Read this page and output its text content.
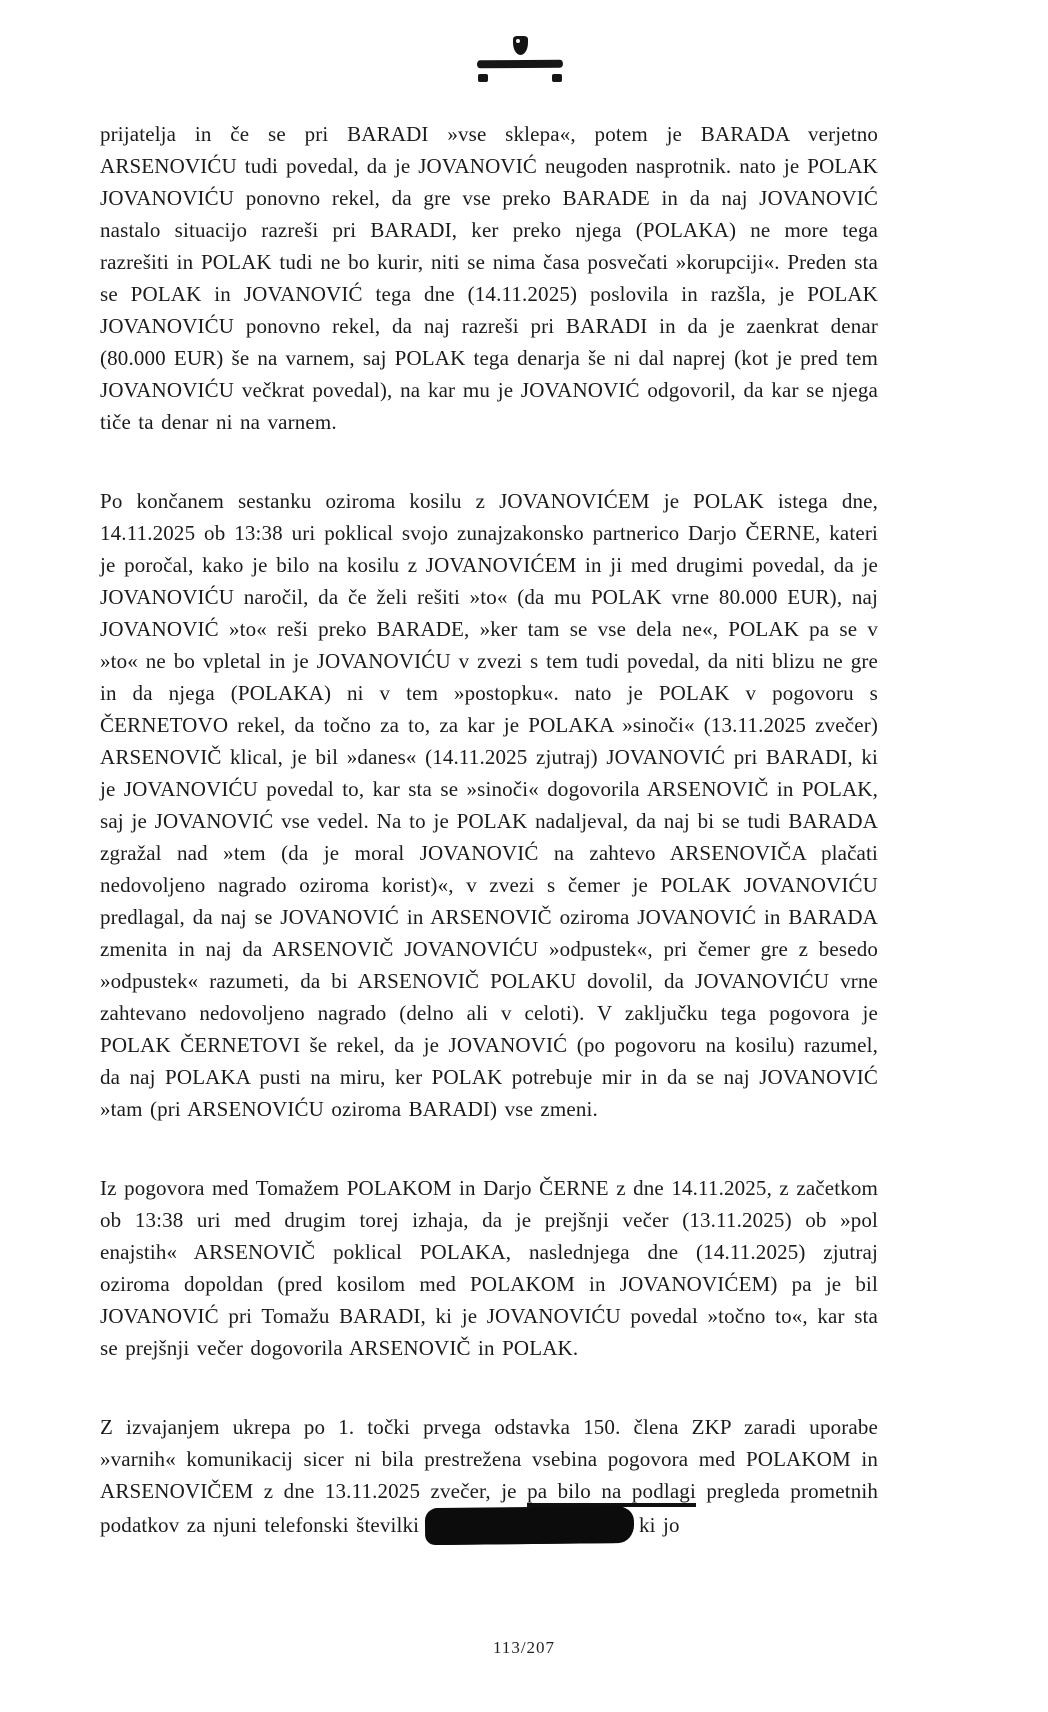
prijatelja in če se pri BARADI »vse sklepa«, potem je BARADA verjetno ARSENOVIĆU tudi povedal, da je JOVANOVIĆ neugoden nasprotnik. nato je POLAK JOVANOVIĆU ponovno rekel, da gre vse preko BARADE in da naj JOVANOVIĆ nastalo situacijo razreši pri BARADI, ker preko njega (POLAKA) ne more tega razrešiti in POLAK tudi ne bo kurir, niti se nima časa posvečati »korupciji«. Preden sta se POLAK in JOVANOVIĆ tega dne (14.11.2025) poslovila in razšla, je POLAK JOVANOVIĆU ponovno rekel, da naj razreši pri BARADI in da je zaenkrat denar (80.000 EUR) še na varnem, saj POLAK tega denarja še ni dal naprej (kot je pred tem JOVANOVIĆU večkrat povedal), na kar mu je JOVANOVIĆ odgovoril, da kar se njega tiče ta denar ni na varnem.

Po končanem sestanku oziroma kosilu z JOVANOVIĆEM je POLAK istega dne, 14.11.2025 ob 13:38 uri poklical svojo zunajzakonsko partnerico Darjo ČERNE, kateri je poročal, kako je bilo na kosilu z JOVANOVIĆEM in ji med drugimi povedal, da je JOVANOVIĆU naročil, da če želi rešiti »to« (da mu POLAK vrne 80.000 EUR), naj JOVANOVIĆ »to« reši preko BARADE, »ker tam se vse dela ne«, POLAK pa se v »to« ne bo vpletal in je JOVANOVIĆU v zvezi s tem tudi povedal, da niti blizu ne gre in da njega (POLAKA) ni v tem »postopku«. nato je POLAK v pogovoru s ČERNETOVO rekel, da točno za to, za kar je POLAKA »sinoči« (13.11.2025 zvečer) ARSENOVIČ klical, je bil »danes« (14.11.2025 zjutraj) JOVANOVIĆ pri BARADI, ki je JOVANOVIĆU povedal to, kar sta se »sinoči« dogovorila ARSENOVIČ in POLAK, saj je JOVANOVIĆ vse vedel. Na to je POLAK nadaljeval, da naj bi se tudi BARADA zgražal nad »tem (da je moral JOVANOVIĆ na zahtevo ARSENOVIČA plačati nedovoljeno nagrado oziroma korist)«, v zvezi s čemer je POLAK JOVANOVIĆU predlagal, da naj se JOVANOVIĆ in ARSENOVIČ oziroma JOVANOVIĆ in BARADA zmenita in naj da ARSENOVIČ JOVANOVIĆU »odpustek«, pri čemer gre z besedo »odpustek« razumeti, da bi ARSENOVIČ POLAKU dovolil, da JOVANOVIĆU vrne zahtevano nedovoljeno nagrado (delno ali v celoti). V zaključku tega pogovora je POLAK ČERNETOVI še rekel, da je JOVANOVIĆ (po pogovoru na kosilu) razumel, da naj POLAKA pusti na miru, ker POLAK potrebuje mir in da se naj JOVANOVIĆ »tam (pri ARSENOVIĆU oziroma BARADI) vse zmeni.

Iz pogovora med Tomažem POLAKOM in Darjo ČERNE z dne 14.11.2025, z začetkom ob 13:38 uri med drugim torej izhaja, da je prejšnji večer (13.11.2025) ob »pol enajstih« ARSENOVIČ poklical POLAKA, naslednjega dne (14.11.2025) zjutraj oziroma dopoldan (pred kosilom med POLAKOM in JOVANOVIĆEM) pa je bil JOVANOVIĆ pri Tomažu BARADI, ki je JOVANOVIĆU povedal »točno to«, kar sta se prejšnji večer dogovorila ARSENOVIČ in POLAK.

Z izvajanjem ukrepa po 1. točki prvega odstavka 150. člena ZKP zaradi uporabe »varnih« komunikacij sicer ni bila prestrežena vsebina pogovora med POLAKOM in ARSENOVIČEM z dne 13.11.2025 zvečer, je pa bilo na podlagi pregleda prometnih podatkov za njuni telefonski številki	ki jo

113/207
